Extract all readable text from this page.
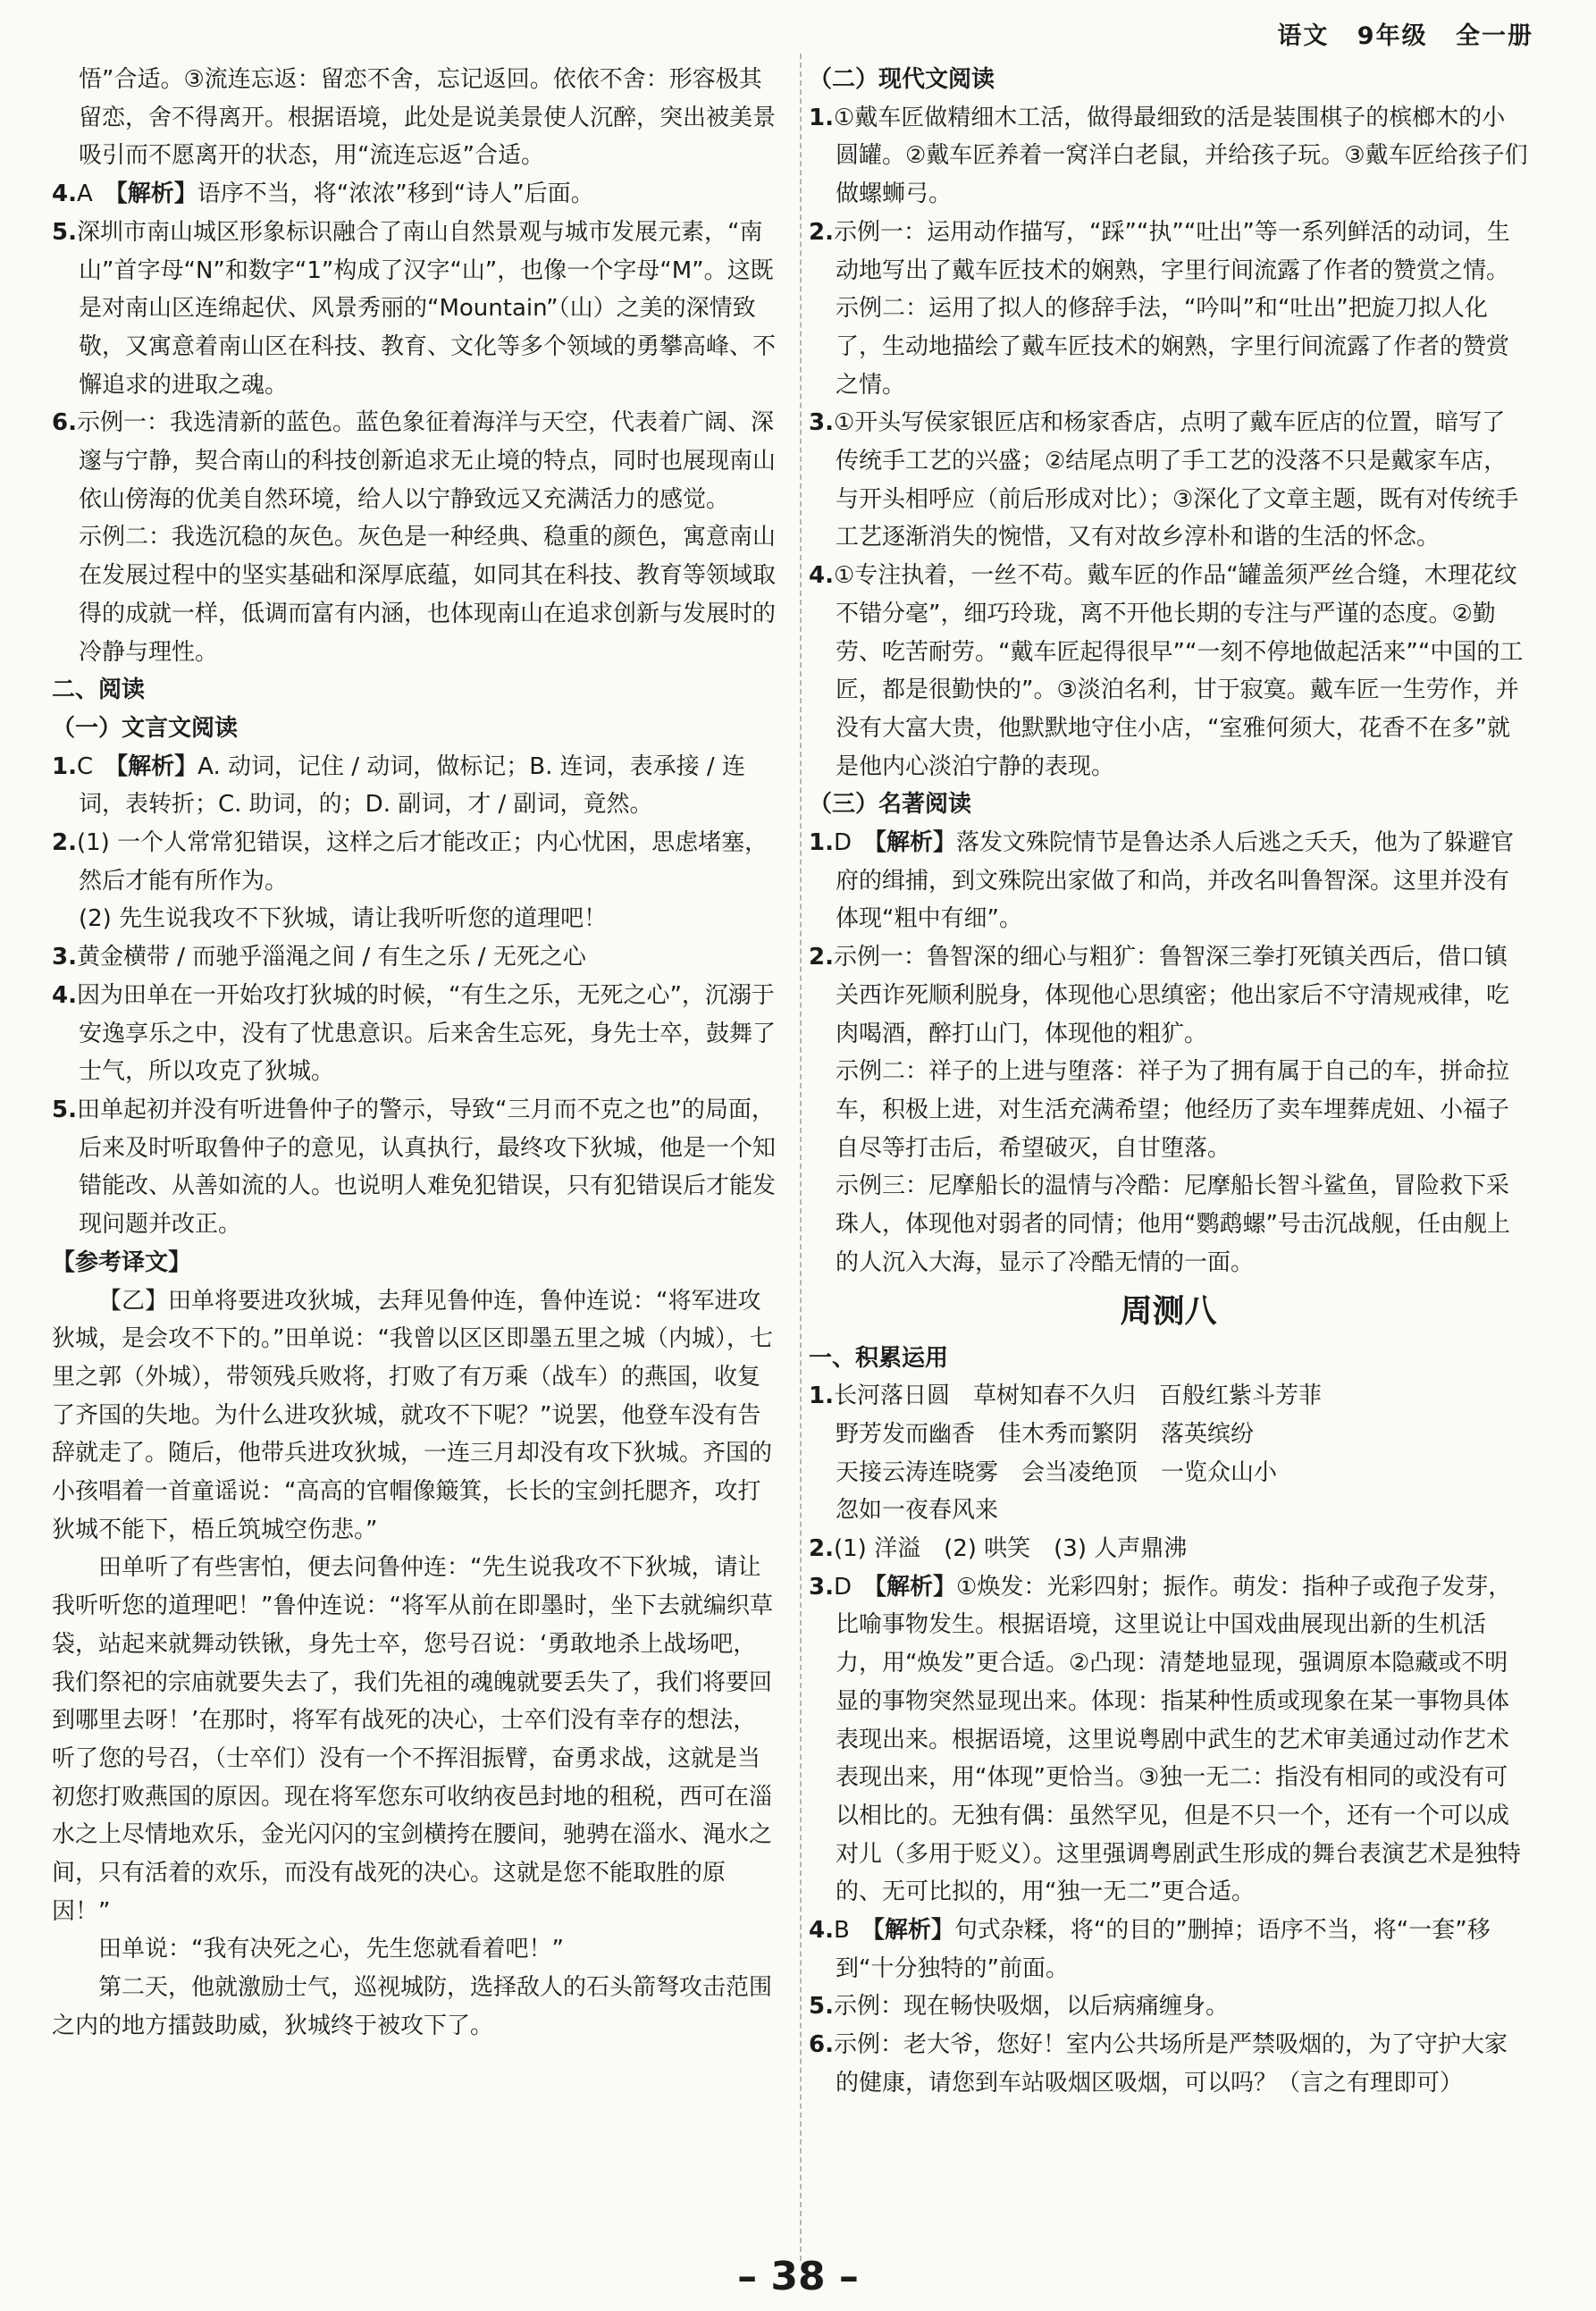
语文 9年级 全一册

悟”合适。③流连忘返：留恋不舍，忘记返回。依依不舍：形容极其留恋，舍不得离开。根据语境，此处是说美景使人沉醉，突出被美景吸引而不愿离开的状态，用“流连忘返”合适。

4.A　【解析】语序不当，将“浓浓”移到“诗人”后面。

5.深圳市南山城区形象标识融合了南山自然景观与城市发展元素，“南山”首字母“N”和数字“1”构成了汉字“山”，也像一个字母“M”。这既是对南山区连绵起伏、风景秀丽的“Mountain”（山）之美的深情致敬，又寓意着南山区在科技、教育、文化等多个领域的勇攀高峰、不懈追求的进取之魂。

6.示例一：我选清新的蓝色。蓝色象征着海洋与天空，代表着广阔、深邃与宁静，契合南山的科技创新追求无止境的特点，同时也展现南山依山傍海的优美自然环境，给人以宁静致远又充满活力的感觉。

示例二：我选沉稳的灰色。灰色是一种经典、稳重的颜色，寓意南山在发展过程中的坚实基础和深厚底蕴，如同其在科技、教育等领域取得的成就一样，低调而富有内涵，也体现南山在追求创新与发展时的冷静与理性。

二、阅读

（一）文言文阅读

1.C　【解析】A. 动词，记住 / 动词，做标记；B. 连词，表承接 / 连词，表转折；C. 助词，的；D. 副词，才 / 副词，竟然。

2.(1) 一个人常常犯错误，这样之后才能改正；内心忧困，思虑堵塞，然后才能有所作为。

(2) 先生说我攻不下狄城，请让我听听您的道理吧！

3.黄金横带 / 而驰乎淄渑之间 / 有生之乐 / 无死之心

4.因为田单在一开始攻打狄城的时候，“有生之乐，无死之心”，沉溺于安逸享乐之中，没有了忧患意识。后来舍生忘死，身先士卒，鼓舞了士气，所以攻克了狄城。

5.田单起初并没有听进鲁仲子的警示，导致“三月而不克之也”的局面，后来及时听取鲁仲子的意见，认真执行，最终攻下狄城，他是一个知错能改、从善如流的人。也说明人难免犯错误，只有犯错误后才能发现问题并改正。

【参考译文】

【乙】田单将要进攻狄城，去拜见鲁仲连，鲁仲连说：“将军进攻狄城，是会攻不下的。”田单说：“我曾以区区即墨五里之城（内城），七里之郭（外城），带领残兵败将，打败了有万乘（战车）的燕国，收复了齐国的失地。为什么进攻狄城，就攻不下呢？”说罢，他登车没有告辞就走了。随后，他带兵进攻狄城，一连三月却没有攻下狄城。齐国的小孩唱着一首童谣说：“高高的官帽像簸箕，长长的宝剑托腮齐，攻打狄城不能下，梧丘筑城空伤悲。”

田单听了有些害怕，便去问鲁仲连：“先生说我攻不下狄城，请让我听听您的道理吧！”鲁仲连说：“将军从前在即墨时，坐下去就编织草袋，站起来就舞动铁锹，身先士卒，您号召说：‘勇敢地杀上战场吧，我们祭祀的宗庙就要失去了，我们先祖的魂魄就要丢失了，我们将要回到哪里去呀！’在那时，将军有战死的决心，士卒们没有幸存的想法，听了您的号召，（士卒们）没有一个不挥泪振臂，奋勇求战，这就是当初您打败燕国的原因。现在将军您东可收纳夜邑封地的租税，西可在淄水之上尽情地欢乐，金光闪闪的宝剑横挎在腰间，驰骋在淄水、渑水之间，只有活着的欢乐，而没有战死的决心。这就是您不能取胜的原因！”

田单说：“我有决死之心，先生您就看着吧！”

第二天，他就激励士气，巡视城防，选择敌人的石头箭弩攻击范围之内的地方擂鼓助威，狄城终于被攻下了。

（二）现代文阅读

1.①戴车匠做精细木工活，做得最细致的活是装围棋子的槟榔木的小圆罐。②戴车匠养着一窝洋白老鼠，并给孩子玩。③戴车匠给孩子们做螺蛳弓。

2.示例一：运用动作描写，“踩”“执”“吐出”等一系列鲜活的动词，生动地写出了戴车匠技术的娴熟，字里行间流露了作者的赞赏之情。

示例二：运用了拟人的修辞手法，“吟叫”和“吐出”把旋刀拟人化了，生动地描绘了戴车匠技术的娴熟，字里行间流露了作者的赞赏之情。

3.①开头写侯家银匠店和杨家香店，点明了戴车匠店的位置，暗写了传统手工艺的兴盛；②结尾点明了手工艺的没落不只是戴家车店，与开头相呼应（前后形成对比）；③深化了文章主题，既有对传统手工艺逐渐消失的惋惜，又有对故乡淳朴和谐的生活的怀念。

4.①专注执着，一丝不苟。戴车匠的作品“罐盖须严丝合缝，木理花纹不错分毫”，细巧玲珑，离不开他长期的专注与严谨的态度。②勤劳、吃苦耐劳。“戴车匠起得很早”“一刻不停地做起活来”“中国的工匠，都是很勤快的”。③淡泊名利，甘于寂寞。戴车匠一生劳作，并没有大富大贵，他默默地守住小店，“室雅何须大，花香不在多”就是他内心淡泊宁静的表现。

（三）名著阅读

1.D　【解析】落发文殊院情节是鲁达杀人后逃之夭夭，他为了躲避官府的缉捕，到文殊院出家做了和尚，并改名叫鲁智深。这里并没有体现“粗中有细”。

2.示例一：鲁智深的细心与粗犷：鲁智深三拳打死镇关西后，借口镇关西诈死顺利脱身，体现他心思缜密；他出家后不守清规戒律，吃肉喝酒，醉打山门，体现他的粗犷。

示例二：祥子的上进与堕落：祥子为了拥有属于自己的车，拼命拉车，积极上进，对生活充满希望；他经历了卖车埋葬虎妞、小福子自尽等打击后，希望破灭，自甘堕落。

示例三：尼摩船长的温情与冷酷：尼摩船长智斗鲨鱼，冒险救下采珠人，体现他对弱者的同情；他用“鹦鹉螺”号击沉战舰，任由舰上的人沉入大海，显示了冷酷无情的一面。

周测八

一、积累运用

1.长河落日圆　草树知春不久归　百般红紫斗芳菲

野芳发而幽香　佳木秀而繁阴　落英缤纷

天接云涛连晓雾　会当凌绝顶　一览众山小

忽如一夜春风来

2.(1) 洋溢　(2) 哄笑　(3) 人声鼎沸

3.D　【解析】①焕发：光彩四射；振作。萌发：指种子或孢子发芽，比喻事物发生。根据语境，这里说让中国戏曲展现出新的生机活力，用“焕发”更合适。②凸现：清楚地显现，强调原本隐藏或不明显的事物突然显现出来。体现：指某种性质或现象在某一事物具体表现出来。根据语境，这里说粤剧中武生的艺术审美通过动作艺术表现出来，用“体现”更恰当。③独一无二：指没有相同的或没有可以相比的。无独有偶：虽然罕见，但是不只一个，还有一个可以成对儿（多用于贬义）。这里强调粤剧武生形成的舞台表演艺术是独特的、无可比拟的，用“独一无二”更合适。

4.B　【解析】句式杂糅，将“的目的”删掉；语序不当，将“一套”移到“十分独特的”前面。

5.示例：现在畅快吸烟，以后病痛缠身。

6.示例：老大爷，您好！室内公共场所是严禁吸烟的，为了守护大家的健康，请您到车站吸烟区吸烟，可以吗？（言之有理即可）

– 38 –
